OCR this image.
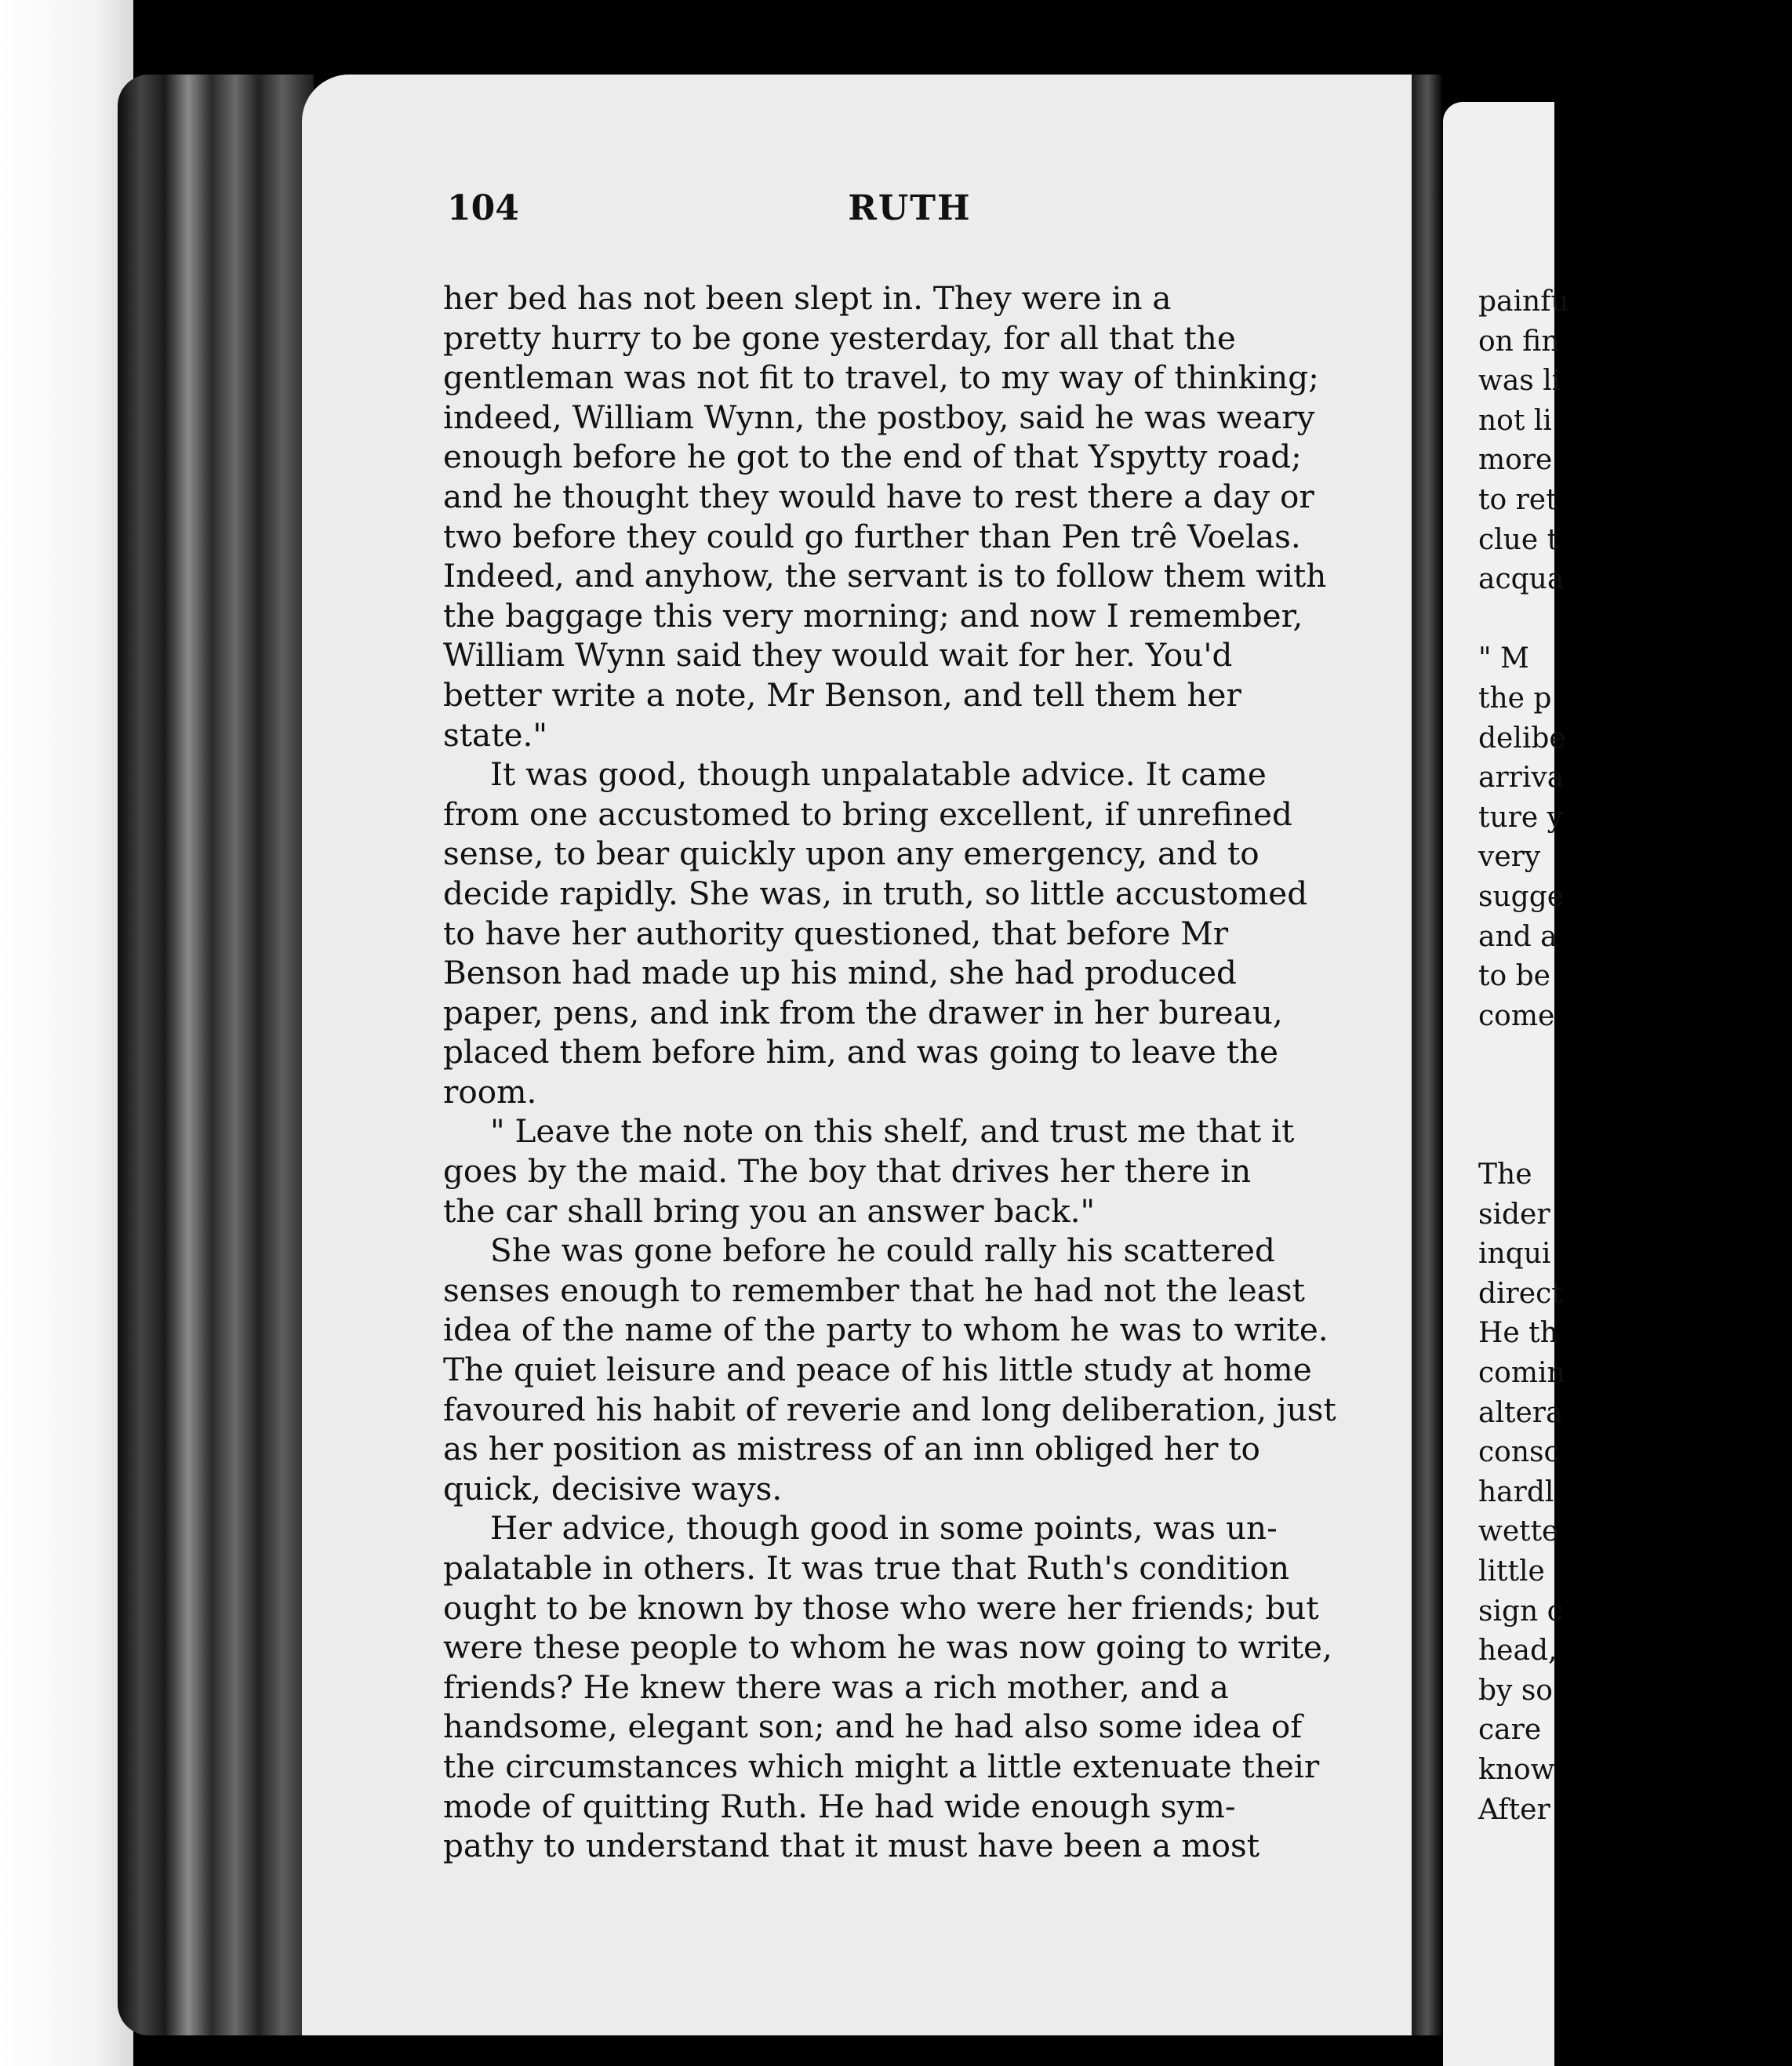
104	RUTH
her bed has not been slept in. They were in a
pretty hurry to be gone yesterday, for all that the
gentleman was not fit to travel, to my way of thinking;
indeed, William Wynn, the postboy, said he was weary
enough before he got to the end of that Yspytty road;
and he thought they would have to rest there a day or
two before they could go further than Pen trê Voelas.
Indeed, and anyhow, the servant is to follow them with
the baggage this very morning; and now I remember,
William Wynn said they would wait for her. You'd
better write a note, Mr Benson, and tell them her
state."
It was good, though unpalatable advice. It came
from one accustomed to bring excellent, if unrefined
sense, to bear quickly upon any emergency, and to
decide rapidly. She was, in truth, so little accustomed
to have her authority questioned, that before Mr
Benson had made up his mind, she had produced
paper, pens, and ink from the drawer in her bureau,
placed them before him, and was going to leave the
room.
" Leave the note on this shelf, and trust me that it
goes by the maid. The boy that drives her there in
the car shall bring you an answer back."
She was gone before he could rally his scattered
senses enough to remember that he had not the least
idea of the name of the party to whom he was to write.
The quiet leisure and peace of his little study at home
favoured his habit of reverie and long deliberation, just
as her position as mistress of an inn obliged her to
quick, decisive ways.
Her advice, though good in some points, was un-
palatable in others. It was true that Ruth's condition
ought to be known by those who were her friends; but
were these people to whom he was now going to write,
friends? He knew there was a rich mother, and a
handsome, elegant son; and he had also some idea of
the circumstances which might a little extenuate their
mode of quitting Ruth. He had wide enough sym-
pathy to understand that it must have been a most
painfu
on fin
was li
not li
more
to ret
clue t
acqua
" M
the p
delibe
arriva
ture y
very
sugge
and a
to be
come
The
sider
inqui
direct
He th
comin
altera
consc
hardl
wette
little
sign c
head,
by so
care
know
After
